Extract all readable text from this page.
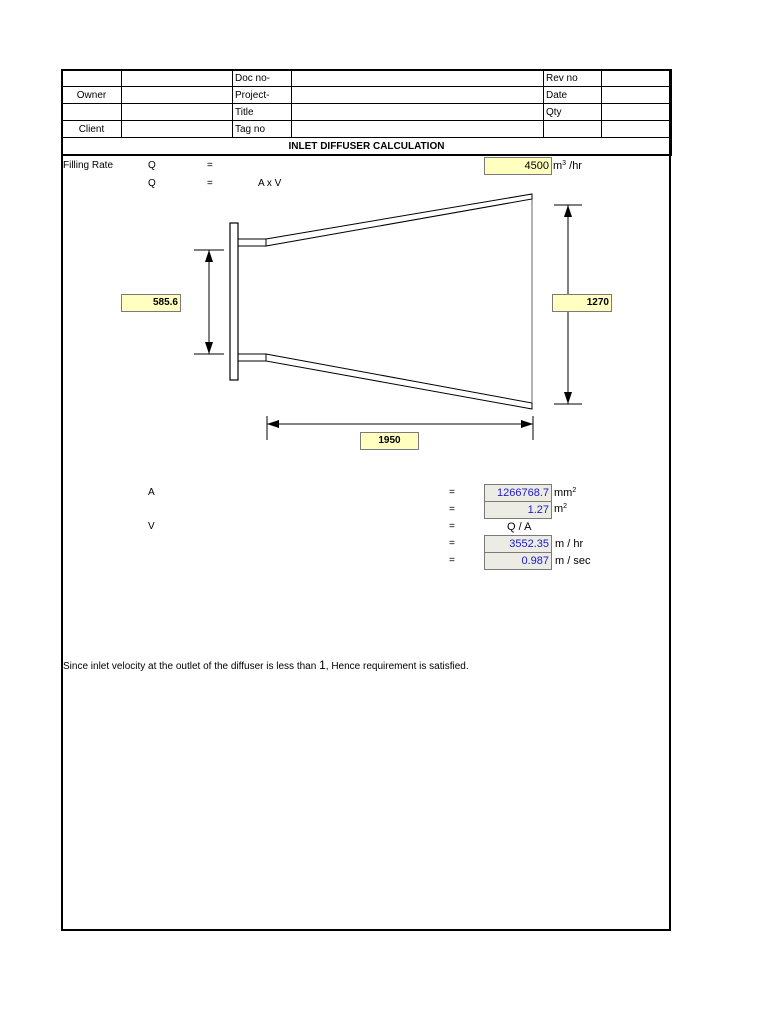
		Doc no-		Rev no	
Owner		Project-		Date	
		Title		Qty	
Client		Tag no			
INLET DIFFUSER CALCULATION					
Filling Rate	Q	=	4500 $m^3$ /hr
Q	=	A x V
585.6	1270
1950
A	=	1266768.7 $mm^2$
=	1.27 $m^2$
V	=	Q / A
=	3552.35 m / hr
=	0.987 m / sec
Since inlet velocity at the outlet of the diffuser is less than 1, Hence requirement is satisfied.
